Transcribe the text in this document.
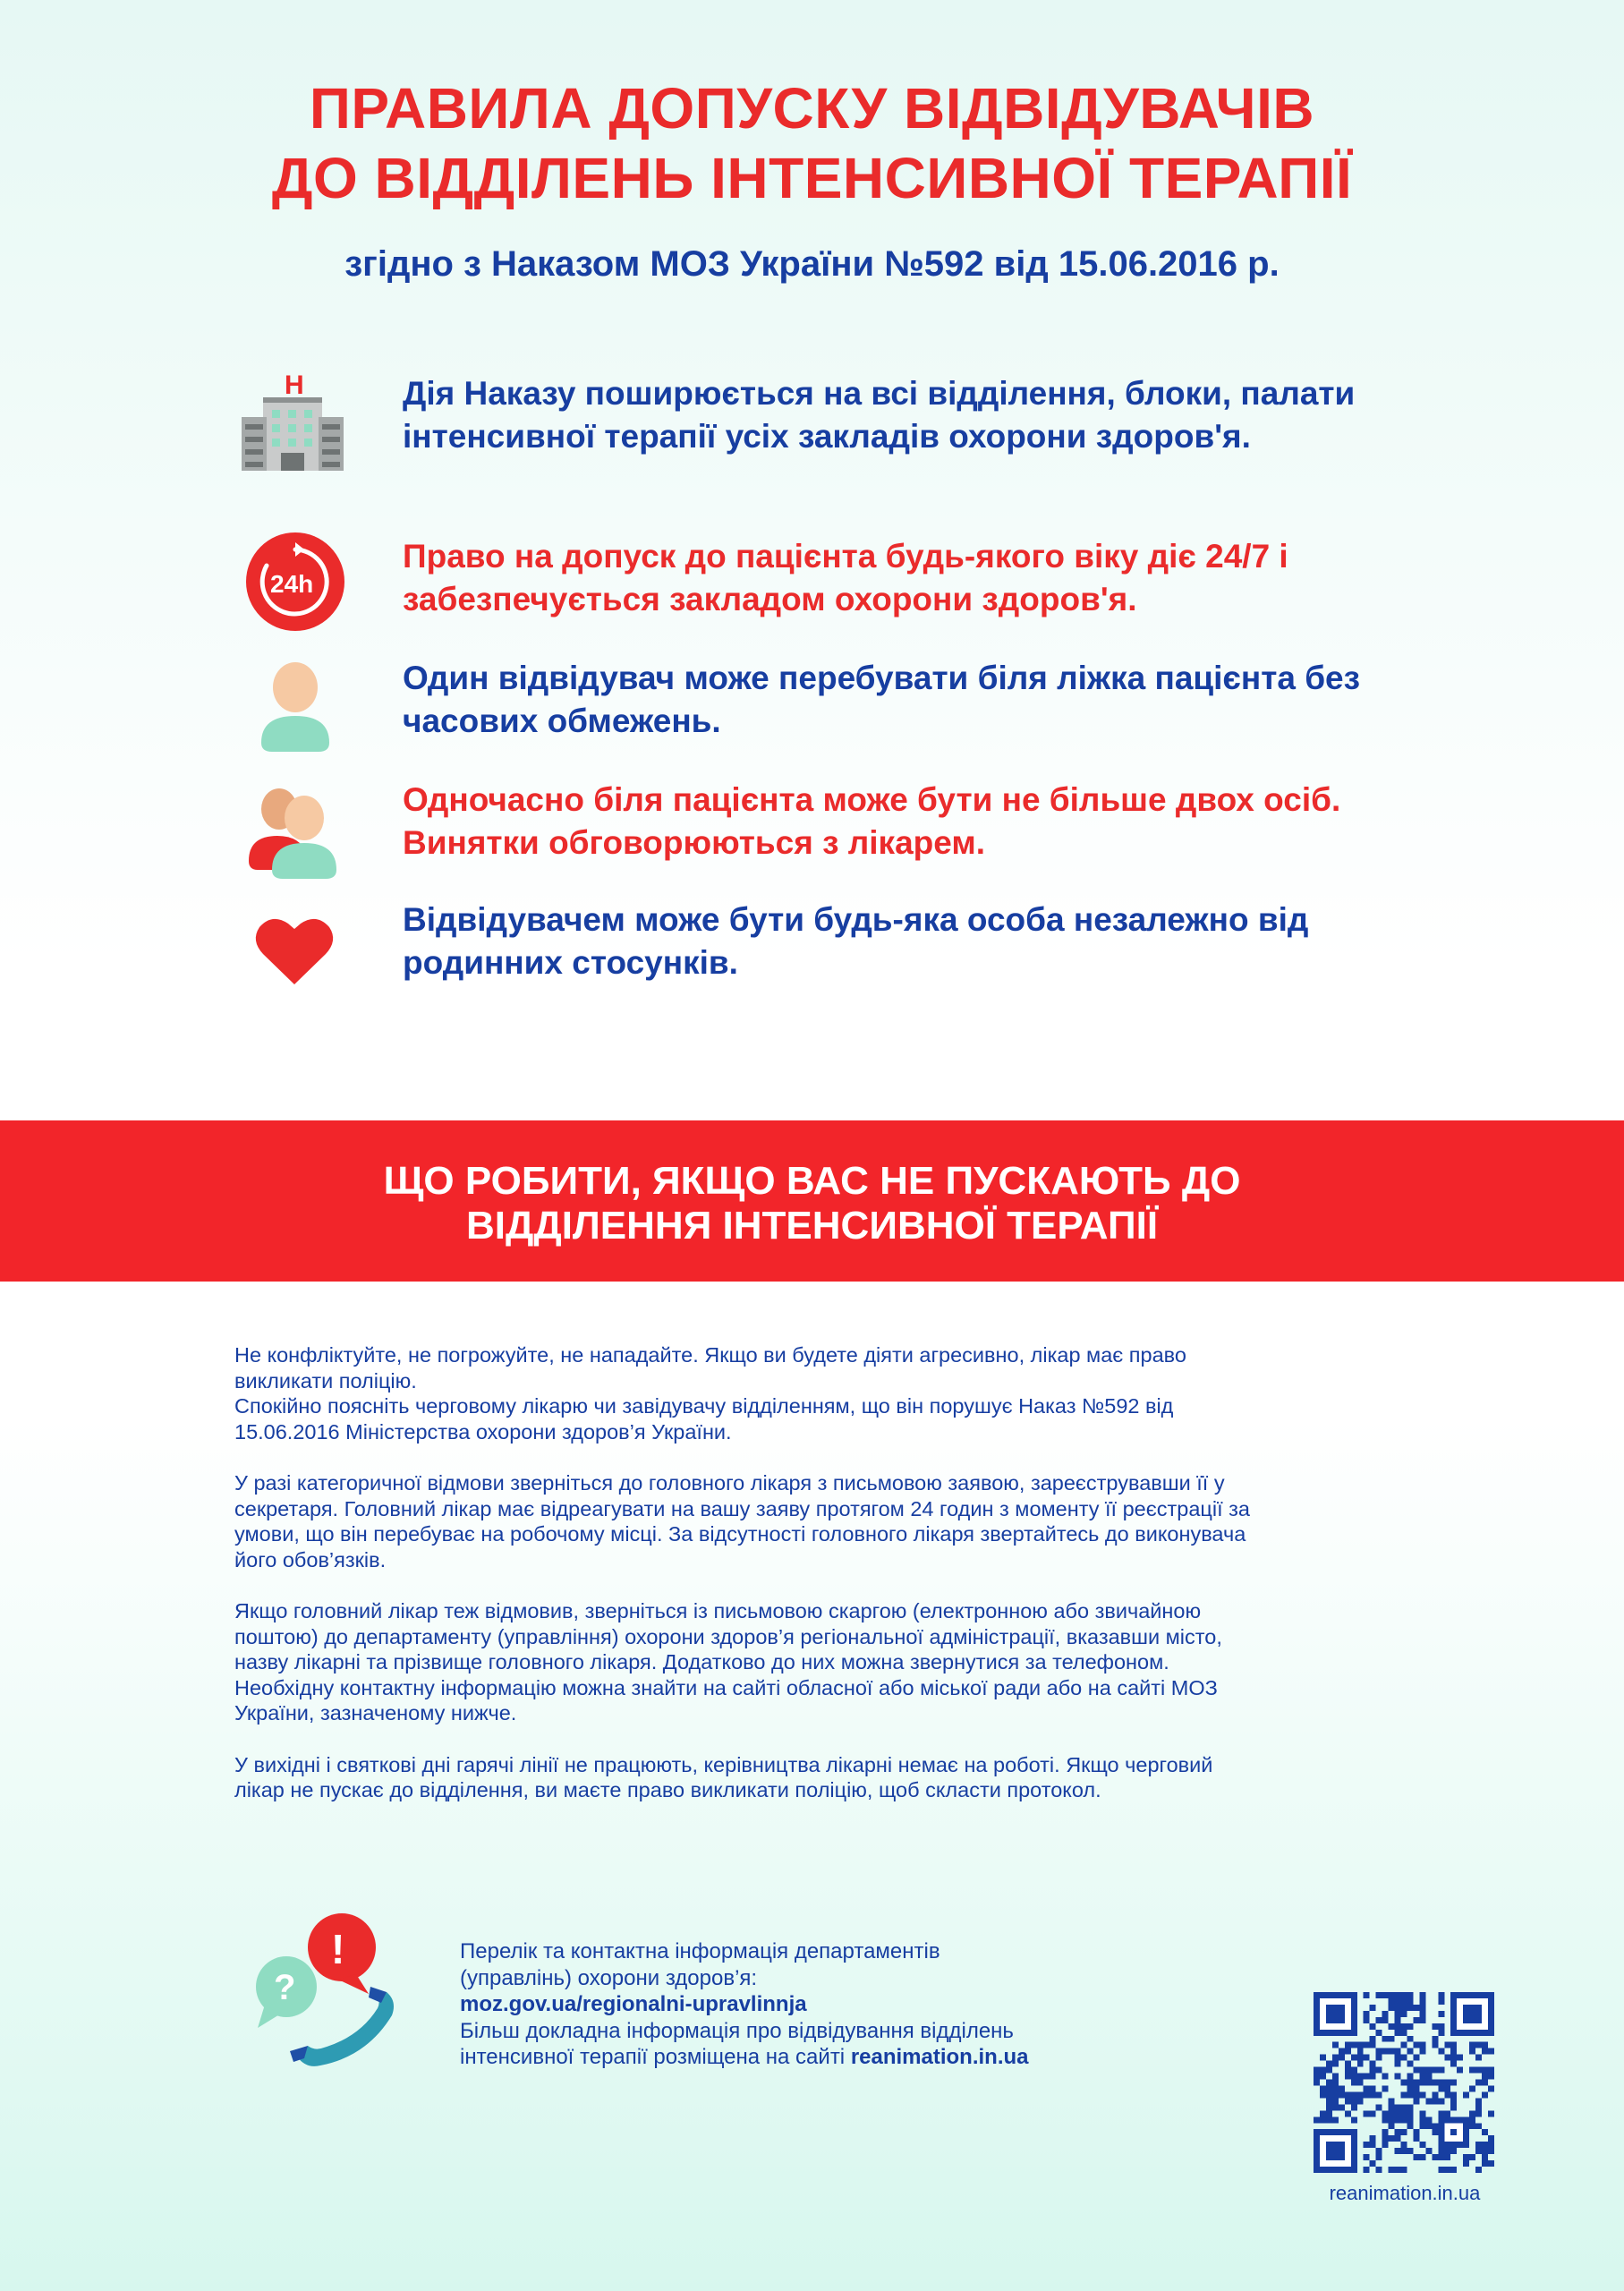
ПРАВИЛА ДОПУСКУ ВІДВІДУВАЧІВ
ДО ВІДДІЛЕНЬ ІНТЕНСИВНОЇ ТЕРАПІЇ
згідно з Наказом МОЗ України №592 від 15.06.2016 р.
H	Дія Наказу поширюється на всі відділення, блоки, палати
інтенсивної терапії усіх закладів охорони здоров'я.
24h
Право на допуск до пацієнта будь-якого віку діє 24/7 і
забезпечується закладом охорони здоров'я.
Один відвідувач може перебувати біля ліжка пацієнта без
часових обмежень.
Одночасно біля пацієнта може бути не більше двох осіб.
Винятки обговорюються з лікарем.
Відвідувачем може бути будь-яка особа незалежно від
родинних стосунків.
ЩО РОБИТИ, ЯКЩО ВАС НЕ ПУСКАЮТЬ ДО
ВІДДІЛЕННЯ ІНТЕНСИВНОЇ ТЕРАПІЇ

Не конфліктуйте, не погрожуйте, не нападайте. Якщо ви будете діяти агресивно, лікар має право
викликати поліцію.
Спокійно поясніть черговому лікарю чи завідувачу відділенням, що він порушує Наказ №592 від
15.06.2016 Міністерства охорони здоров’я України.

У разі категоричної відмови зверніться до головного лікаря з письмовою заявою, зареєструвавши її у
секретаря. Головний лікар має відреагувати на вашу заяву протягом 24 годин з моменту її реєстрації за
умови, що він перебуває на робочому місці. За відсутності головного лікаря звертайтесь до виконувача
його обов’язків.

Якщо головний лікар теж відмовив, зверніться із письмовою скаргою (електронною або звичайною
поштою) до департаменту (управління) охорони здоров’я регіональної адміністрації, вказавши місто,
назву лікарні та прізвище головного лікаря. Додатково до них можна звернутися за телефоном.
Необхідну контактну інформацію можна знайти на сайті обласної або міської ради або на сайті МОЗ
України, зазначеному нижче.

У вихідні і святкові дні гарячі лінії не працюють, керівництва лікарні немає на роботі. Якщо черговий
лікар не пускає до відділення, ви маєте право викликати поліцію, щоб скласти протокол.

?
!	Перелік та контактна інформація департаментів
(управлінь) охорони здоров’я:
moz.gov.ua/regionalni-upravlinnja
Більш докладна інформація про відвідування відділень
інтенсивної терапії розміщена на сайті reanimation.in.ua
reanimation.in.ua
